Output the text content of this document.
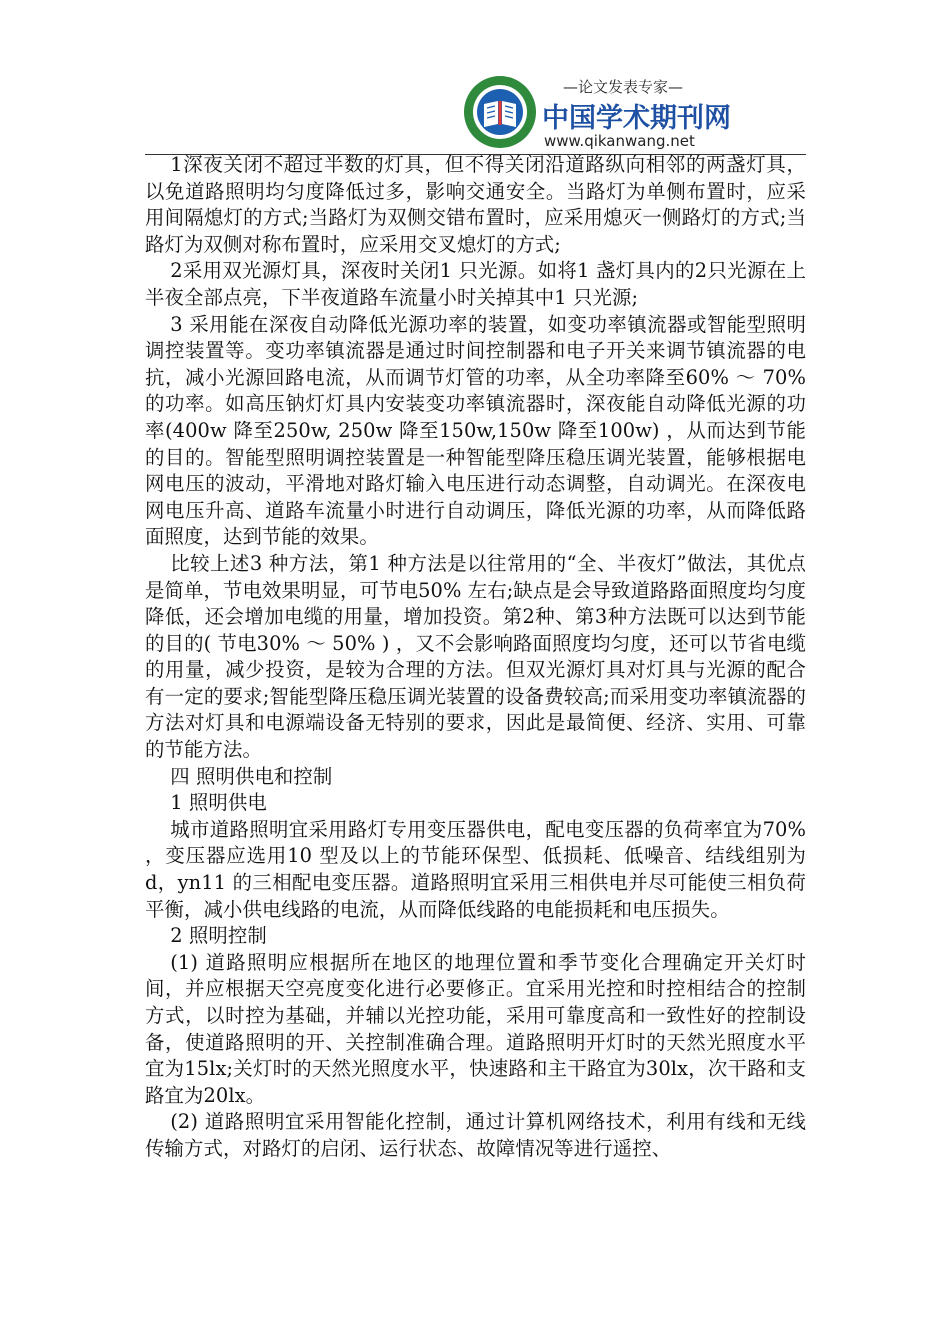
—论文发表专家—
中国学术期刊网
www.qikanwang.net

1深夜关闭不超过半数的灯具，但不得关闭沿道路纵向相邻的两盏灯具，以免道路照明均匀度降低过多，影响交通安全。当路灯为单侧布置时，应采用间隔熄灯的方式;当路灯为双侧交错布置时，应采用熄灭一侧路灯的方式;当路灯为双侧对称布置时，应采用交叉熄灯的方式;

2采用双光源灯具，深夜时关闭1 只光源。如将1 盏灯具内的2只光源在上半夜全部点亮，下半夜道路车流量小时关掉其中1 只光源;

3 采用能在深夜自动降低光源功率的装置，如变功率镇流器或智能型照明调控装置等。变功率镇流器是通过时间控制器和电子开关来调节镇流器的电抗，减小光源回路电流，从而调节灯管的功率，从全功率降至60% ～ 70% 的功率。如高压钠灯灯具内安装变功率镇流器时，深夜能自动降低光源的功率(400w 降至250w, 250w 降至150w,150w 降至100w) ，从而达到节能的目的。智能型照明调控装置是一种智能型降压稳压调光装置，能够根据电网电压的波动，平滑地对路灯输入电压进行动态调整，自动调光。在深夜电网电压升高、道路车流量小时进行自动调压，降低光源的功率，从而降低路面照度，达到节能的效果。

比较上述3 种方法，第1 种方法是以往常用的“全、半夜灯”做法，其优点是简单，节电效果明显，可节电50% 左右;缺点是会导致道路路面照度均匀度降低，还会增加电缆的用量，增加投资。第2种、第3种方法既可以达到节能的目的( 节电30% ～ 50% ) ，又不会影响路面照度均匀度，还可以节省电缆的用量，减少投资，是较为合理的方法。但双光源灯具对灯具与光源的配合有一定的要求;智能型降压稳压调光装置的设备费较高;而采用变功率镇流器的方法对灯具和电源端设备无特别的要求，因此是最简便、经济、实用、可靠的节能方法。

四 照明供电和控制

1 照明供电

城市道路照明宜采用路灯专用变压器供电，配电变压器的负荷率宜为70% ，变压器应选用10 型及以上的节能环保型、低损耗、低噪音、结线组别为d，yn11 的三相配电变压器。道路照明宜采用三相供电并尽可能使三相负荷平衡，减小供电线路的电流，从而降低线路的电能损耗和电压损失。

2 照明控制

(1) 道路照明应根据所在地区的地理位置和季节变化合理确定开关灯时间，并应根据天空亮度变化进行必要修正。宜采用光控和时控相结合的控制方式，以时控为基础，并辅以光控功能，采用可靠度高和一致性好的控制设备，使道路照明的开、关控制准确合理。道路照明开灯时的天然光照度水平宜为15lx;关灯时的天然光照度水平，快速路和主干路宜为30lx，次干路和支路宜为20lx。

(2) 道路照明宜采用智能化控制，通过计算机网络技术，利用有线和无线传输方式，对路灯的启闭、运行状态、故障情况等进行遥控、
